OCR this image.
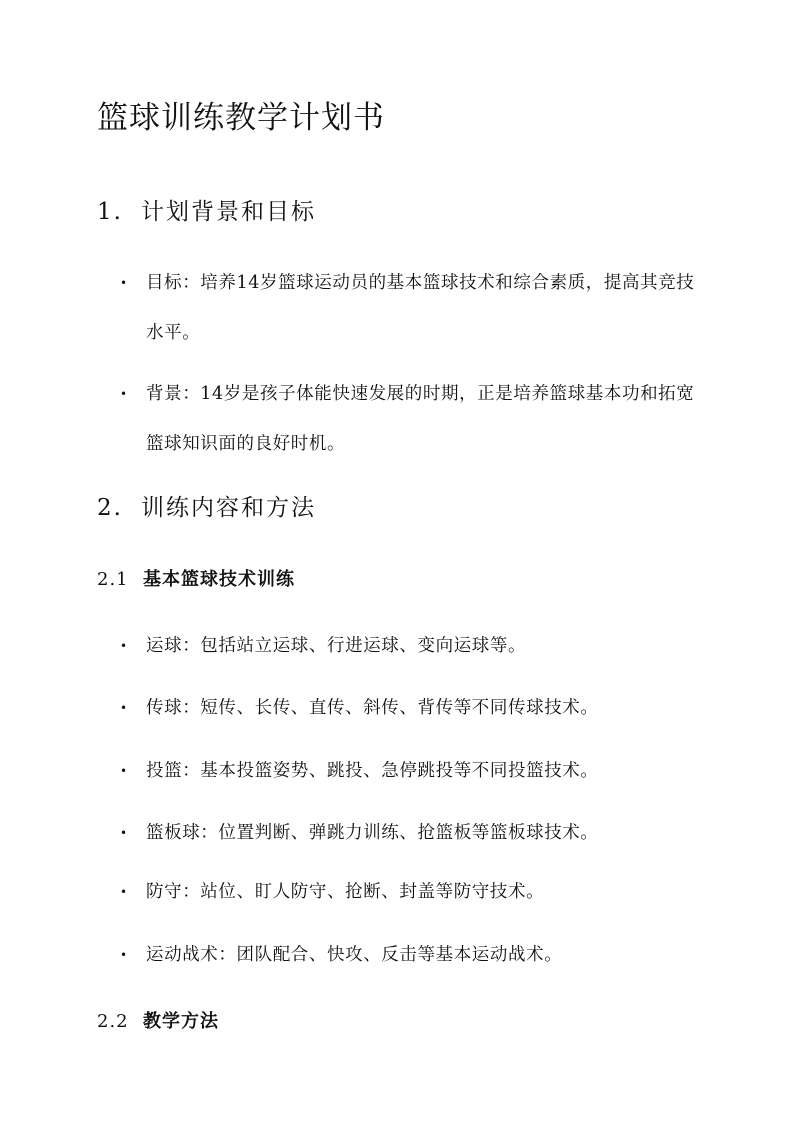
篮球训练教学计划书
1. 计划背景和目标
•	目标：培养14岁篮球运动员的基本篮球技术和综合素质，提高其竞技水平。
•	背景：14岁是孩子体能快速发展的时期，正是培养篮球基本功和拓宽篮球知识面的良好时机。
2. 训练内容和方法
2.1 基本篮球技术训练
•	运球：包括站立运球、行进运球、变向运球等。
•	传球：短传、长传、直传、斜传、背传等不同传球技术。
•	投篮：基本投篮姿势、跳投、急停跳投等不同投篮技术。
•	篮板球：位置判断、弹跳力训练、抢篮板等篮板球技术。
•	防守：站位、盯人防守、抢断、封盖等防守技术。
•	运动战术：团队配合、快攻、反击等基本运动战术。
2.2 教学方法
